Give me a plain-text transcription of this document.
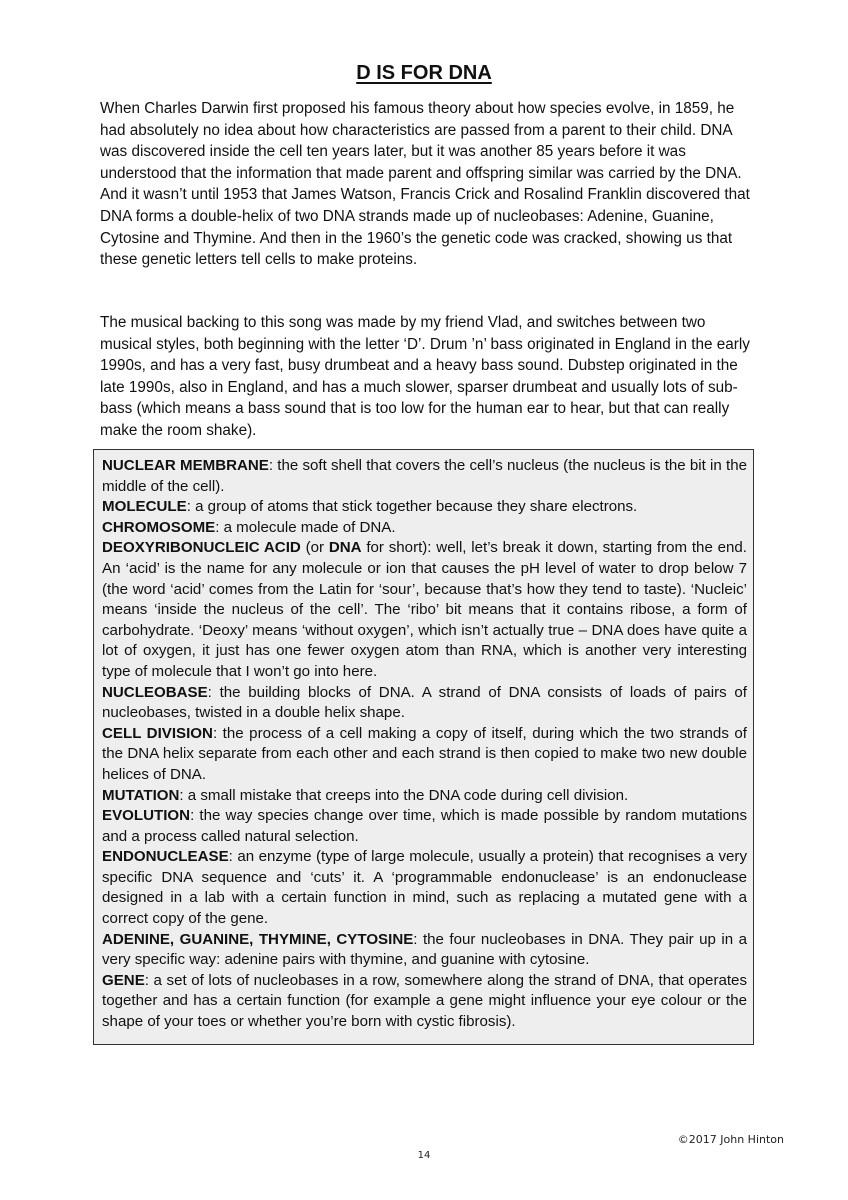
D IS FOR DNA

When Charles Darwin first proposed his famous theory about how species evolve, in 1859, he had absolutely no idea about how characteristics are passed from a parent to their child. DNA was discovered inside the cell ten years later, but it was another 85 years before it was understood that the information that made parent and offspring similar was carried by the DNA. And it wasn’t until 1953 that James Watson, Francis Crick and Rosalind Franklin discovered that DNA forms a double-helix of two DNA strands made up of nucleobases: Adenine, Guanine, Cytosine and Thymine. And then in the 1960’s the genetic code was cracked, showing us that these genetic letters tell cells to make proteins.

The musical backing to this song was made by my friend Vlad, and switches between two musical styles, both beginning with the letter ‘D’. Drum ’n’ bass originated in England in the early 1990s, and has a very fast, busy drumbeat and a heavy bass sound. Dubstep originated in the late 1990s, also in England, and has a much slower, sparser drumbeat and usually lots of sub-bass (which means a bass sound that is too low for the human ear to hear, but that can really make the room shake).

NUCLEAR MEMBRANE: the soft shell that covers the cell’s nucleus (the nucleus is the bit in the middle of the cell).

MOLECULE: a group of atoms that stick together because they share electrons.

CHROMOSOME: a molecule made of DNA.

DEOXYRIBONUCLEIC ACID (or DNA for short): well, let’s break it down, starting from the end. An ‘acid’ is the name for any molecule or ion that causes the pH level of water to drop below 7 (the word ‘acid’ comes from the Latin for ‘sour’, because that’s how they tend to taste). ‘Nucleic’ means ‘inside the nucleus of the cell’. The ‘ribo’ bit means that it contains ribose, a form of carbohydrate. ‘Deoxy’ means ‘without oxygen’, which isn’t actually true – DNA does have quite a lot of oxygen, it just has one fewer oxygen atom than RNA, which is another very interesting type of molecule that I won’t go into here.

NUCLEOBASE: the building blocks of DNA. A strand of DNA consists of loads of pairs of nucleobases, twisted in a double helix shape.

CELL DIVISION: the process of a cell making a copy of itself, during which the two strands of the DNA helix separate from each other and each strand is then copied to make two new double helices of DNA.

MUTATION: a small mistake that creeps into the DNA code during cell division.

EVOLUTION: the way species change over time, which is made possible by random mutations and a process called natural selection.

ENDONUCLEASE: an enzyme (type of large molecule, usually a protein) that recognises a very specific DNA sequence and ‘cuts’ it. A ‘programmable endonuclease’ is an endonuclease designed in a lab with a certain function in mind, such as replacing a mutated gene with a correct copy of the gene.

ADENINE, GUANINE, THYMINE, CYTOSINE: the four nucleobases in DNA. They pair up in a very specific way: adenine pairs with thymine, and guanine with cytosine.

GENE: a set of lots of nucleobases in a row, somewhere along the strand of DNA, that operates together and has a certain function (for example a gene might influence your eye colour or the shape of your toes or whether you’re born with cystic fibrosis).

©2017 John Hinton
14
